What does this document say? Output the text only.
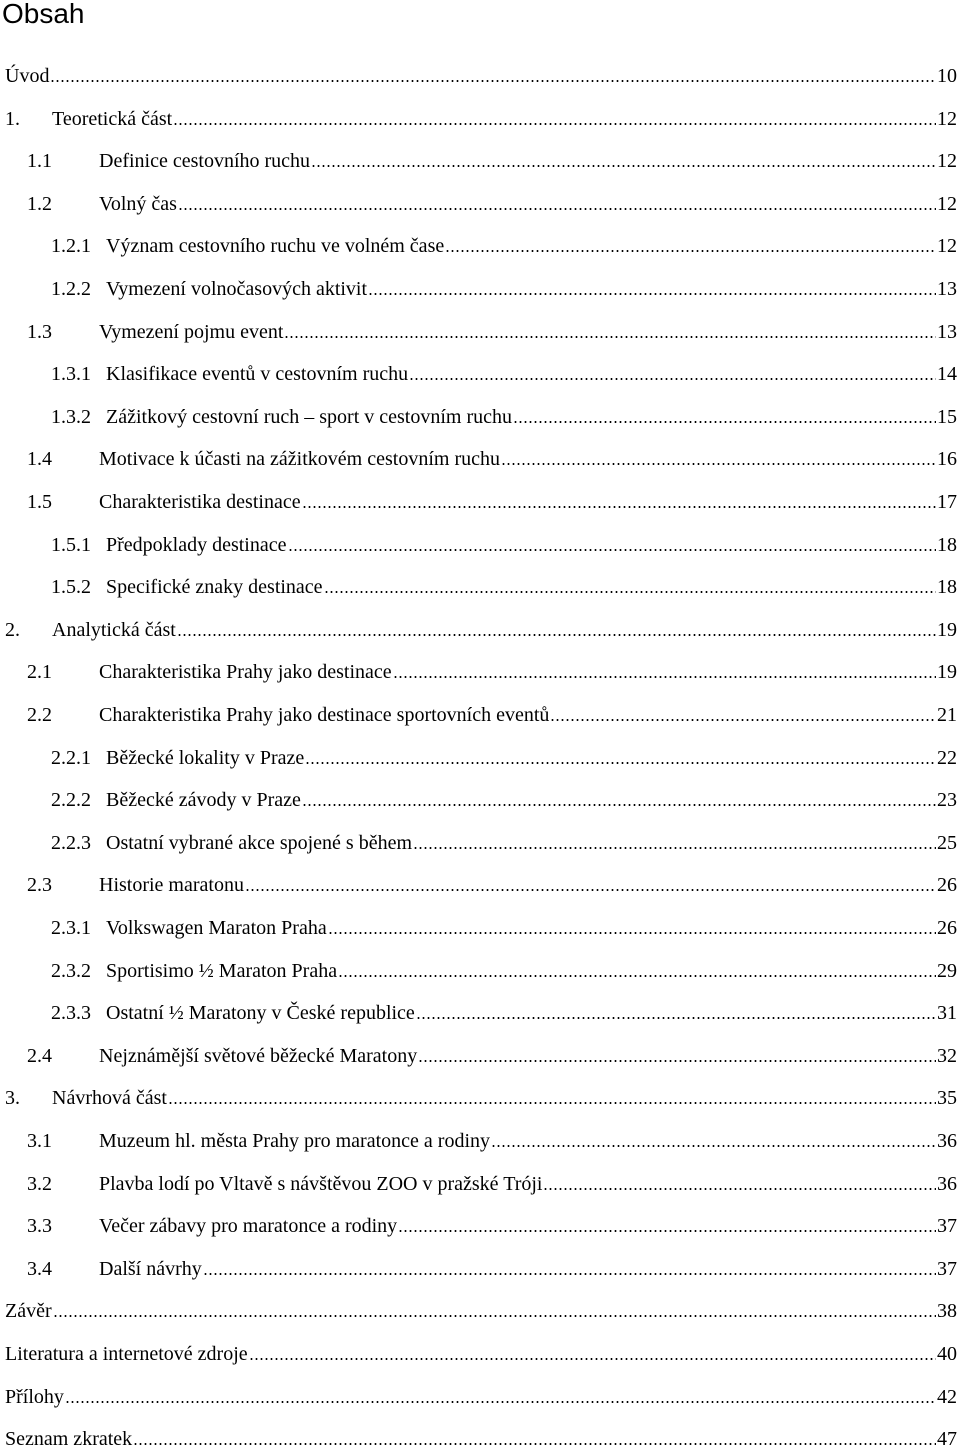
Obsah
Úvod	10
1.	Teoretická část	12
1.1	Definice cestovního ruchu	12
1.2	Volný čas	12
1.2.1 Význam cestovního ruchu ve volném čase	12
1.2.2 Vymezení volnočasových aktivit	13
1.3	Vymezení pojmu event	13
1.3.1 Klasifikace eventů v cestovním ruchu	14
1.3.2 Zážitkový cestovní ruch – sport v cestovním ruchu	15
1.4	Motivace k účasti na zážitkovém cestovním ruchu	16
1.5	Charakteristika destinace	17
1.5.1 Předpoklady destinace	18
1.5.2 Specifické znaky destinace	18
2.	Analytická část	19
2.1	Charakteristika Prahy jako destinace	19
2.2	Charakteristika Prahy jako destinace sportovních eventů	21
2.2.1 Běžecké lokality v Praze	22
2.2.2 Běžecké závody v Praze	23
2.2.3 Ostatní vybrané akce spojené s během	25
2.3	Historie maratonu	26
2.3.1 Volkswagen Maraton Praha	26
2.3.2 Sportisimo ½ Maraton Praha	29
2.3.3 Ostatní ½ Maratony v České republice	31
2.4	Nejznámější světové běžecké Maratony	32
3.	Návrhová část	35
3.1	Muzeum hl. města Prahy pro maratonce a rodiny	36
3.2	Plavba lodí po Vltavě s návštěvou ZOO v pražské Tróji	36
3.3	Večer zábavy pro maratonce a rodiny	37
3.4	Další návrhy	37
Závěr	38
Literatura a internetové zdroje	40
Přílohy	42
Seznam zkratek	47
